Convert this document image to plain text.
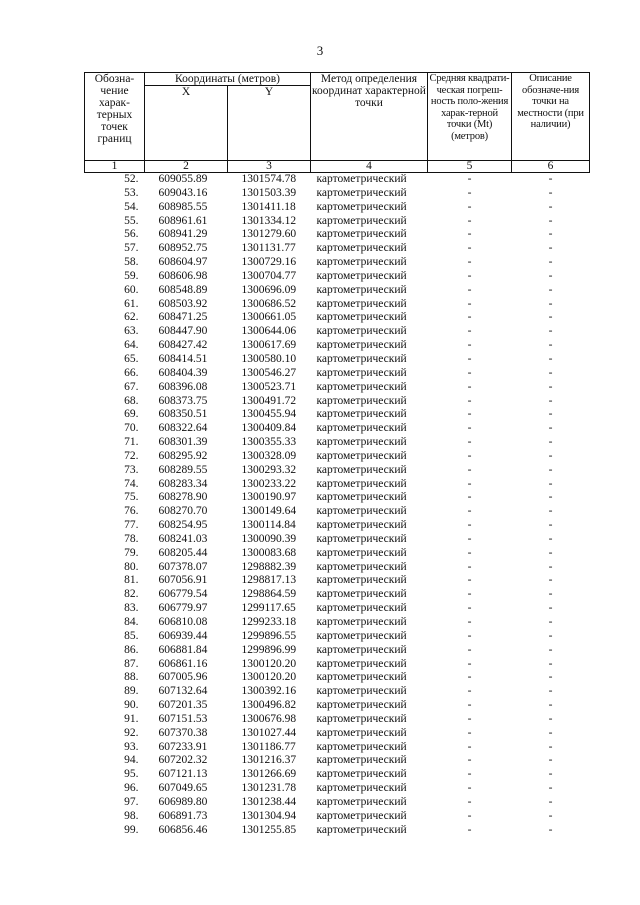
3
Обозна-чение харак-терных точек границ	Координаты (метров)		Метод определения координат характерной точки	Средняя квадрати-ческая погреш-ность поло-жения харак-терной точки (Mt) (метров)	Описание обозначе-ния точки на местности (при наличии)
	X	Y			
1	2	3	4	5	6
52.	609055.89	1301574.78	картометрический	-	-
53.	609043.16	1301503.39	картометрический	-	-
54.	608985.55	1301411.18	картометрический	-	-
55.	608961.61	1301334.12	картометрический	-	-
56.	608941.29	1301279.60	картометрический	-	-
57.	608952.75	1301131.77	картометрический	-	-
58.	608604.97	1300729.16	картометрический	-	-
59.	608606.98	1300704.77	картометрический	-	-
60.	608548.89	1300696.09	картометрический	-	-
61.	608503.92	1300686.52	картометрический	-	-
62.	608471.25	1300661.05	картометрический	-	-
63.	608447.90	1300644.06	картометрический	-	-
64.	608427.42	1300617.69	картометрический	-	-
65.	608414.51	1300580.10	картометрический	-	-
66.	608404.39	1300546.27	картометрический	-	-
67.	608396.08	1300523.71	картометрический	-	-
68.	608373.75	1300491.72	картометрический	-	-
69.	608350.51	1300455.94	картометрический	-	-
70.	608322.64	1300409.84	картометрический	-	-
71.	608301.39	1300355.33	картометрический	-	-
72.	608295.92	1300328.09	картометрический	-	-
73.	608289.55	1300293.32	картометрический	-	-
74.	608283.34	1300233.22	картометрический	-	-
75.	608278.90	1300190.97	картометрический	-	-
76.	608270.70	1300149.64	картометрический	-	-
77.	608254.95	1300114.84	картометрический	-	-
78.	608241.03	1300090.39	картометрический	-	-
79.	608205.44	1300083.68	картометрический	-	-
80.	607378.07	1298882.39	картометрический	-	-
81.	607056.91	1298817.13	картометрический	-	-
82.	606779.54	1298864.59	картометрический	-	-
83.	606779.97	1299117.65	картометрический	-	-
84.	606810.08	1299233.18	картометрический	-	-
85.	606939.44	1299896.55	картометрический	-	-
86.	606881.84	1299896.99	картометрический	-	-
87.	606861.16	1300120.20	картометрический	-	-
88.	607005.96	1300120.20	картометрический	-	-
89.	607132.64	1300392.16	картометрический	-	-
90.	607201.35	1300496.82	картометрический	-	-
91.	607151.53	1300676.98	картометрический	-	-
92.	607370.38	1301027.44	картометрический	-	-
93.	607233.91	1301186.77	картометрический	-	-
94.	607202.32	1301216.37	картометрический	-	-
95.	607121.13	1301266.69	картометрический	-	-
96.	607049.65	1301231.78	картометрический	-	-
97.	606989.80	1301238.44	картометрический	-	-
98.	606891.73	1301304.94	картометрический	-	-
99.	606856.46	1301255.85	картометрический	-	-
